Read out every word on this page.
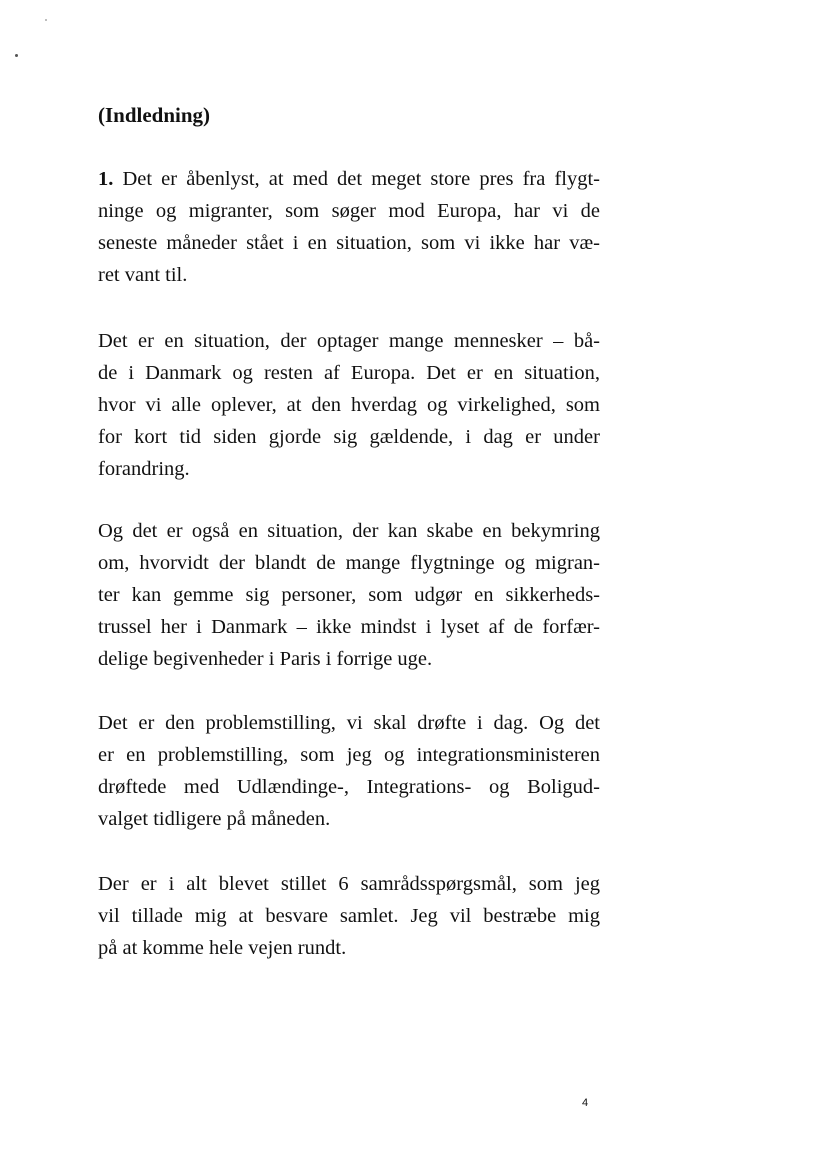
(Indledning)
1. Det er åbenlyst, at med det meget store pres fra flygt-
ninge og migranter, som søger mod Europa, har vi de
seneste måneder stået i en situation, som vi ikke har væ-
ret vant til.
Det er en situation, der optager mange mennesker – bå-
de i Danmark og resten af Europa. Det er en situation,
hvor vi alle oplever, at den hverdag og virkelighed, som
for kort tid siden gjorde sig gældende, i dag er under
forandring.
Og det er også en situation, der kan skabe en bekymring
om, hvorvidt der blandt de mange flygtninge og migran-
ter kan gemme sig personer, som udgør en sikkerheds-
trussel her i Danmark – ikke mindst i lyset af de forfær-
delige begivenheder i Paris i forrige uge.
Det er den problemstilling, vi skal drøfte i dag. Og det
er en problemstilling, som jeg og integrationsministeren
drøftede med Udlændinge-, Integrations- og Boligud-
valget tidligere på måneden.
Der er i alt blevet stillet 6 samrådsspørgsmål, som jeg
vil tillade mig at besvare samlet. Jeg vil bestræbe mig
på at komme hele vejen rundt.
4
